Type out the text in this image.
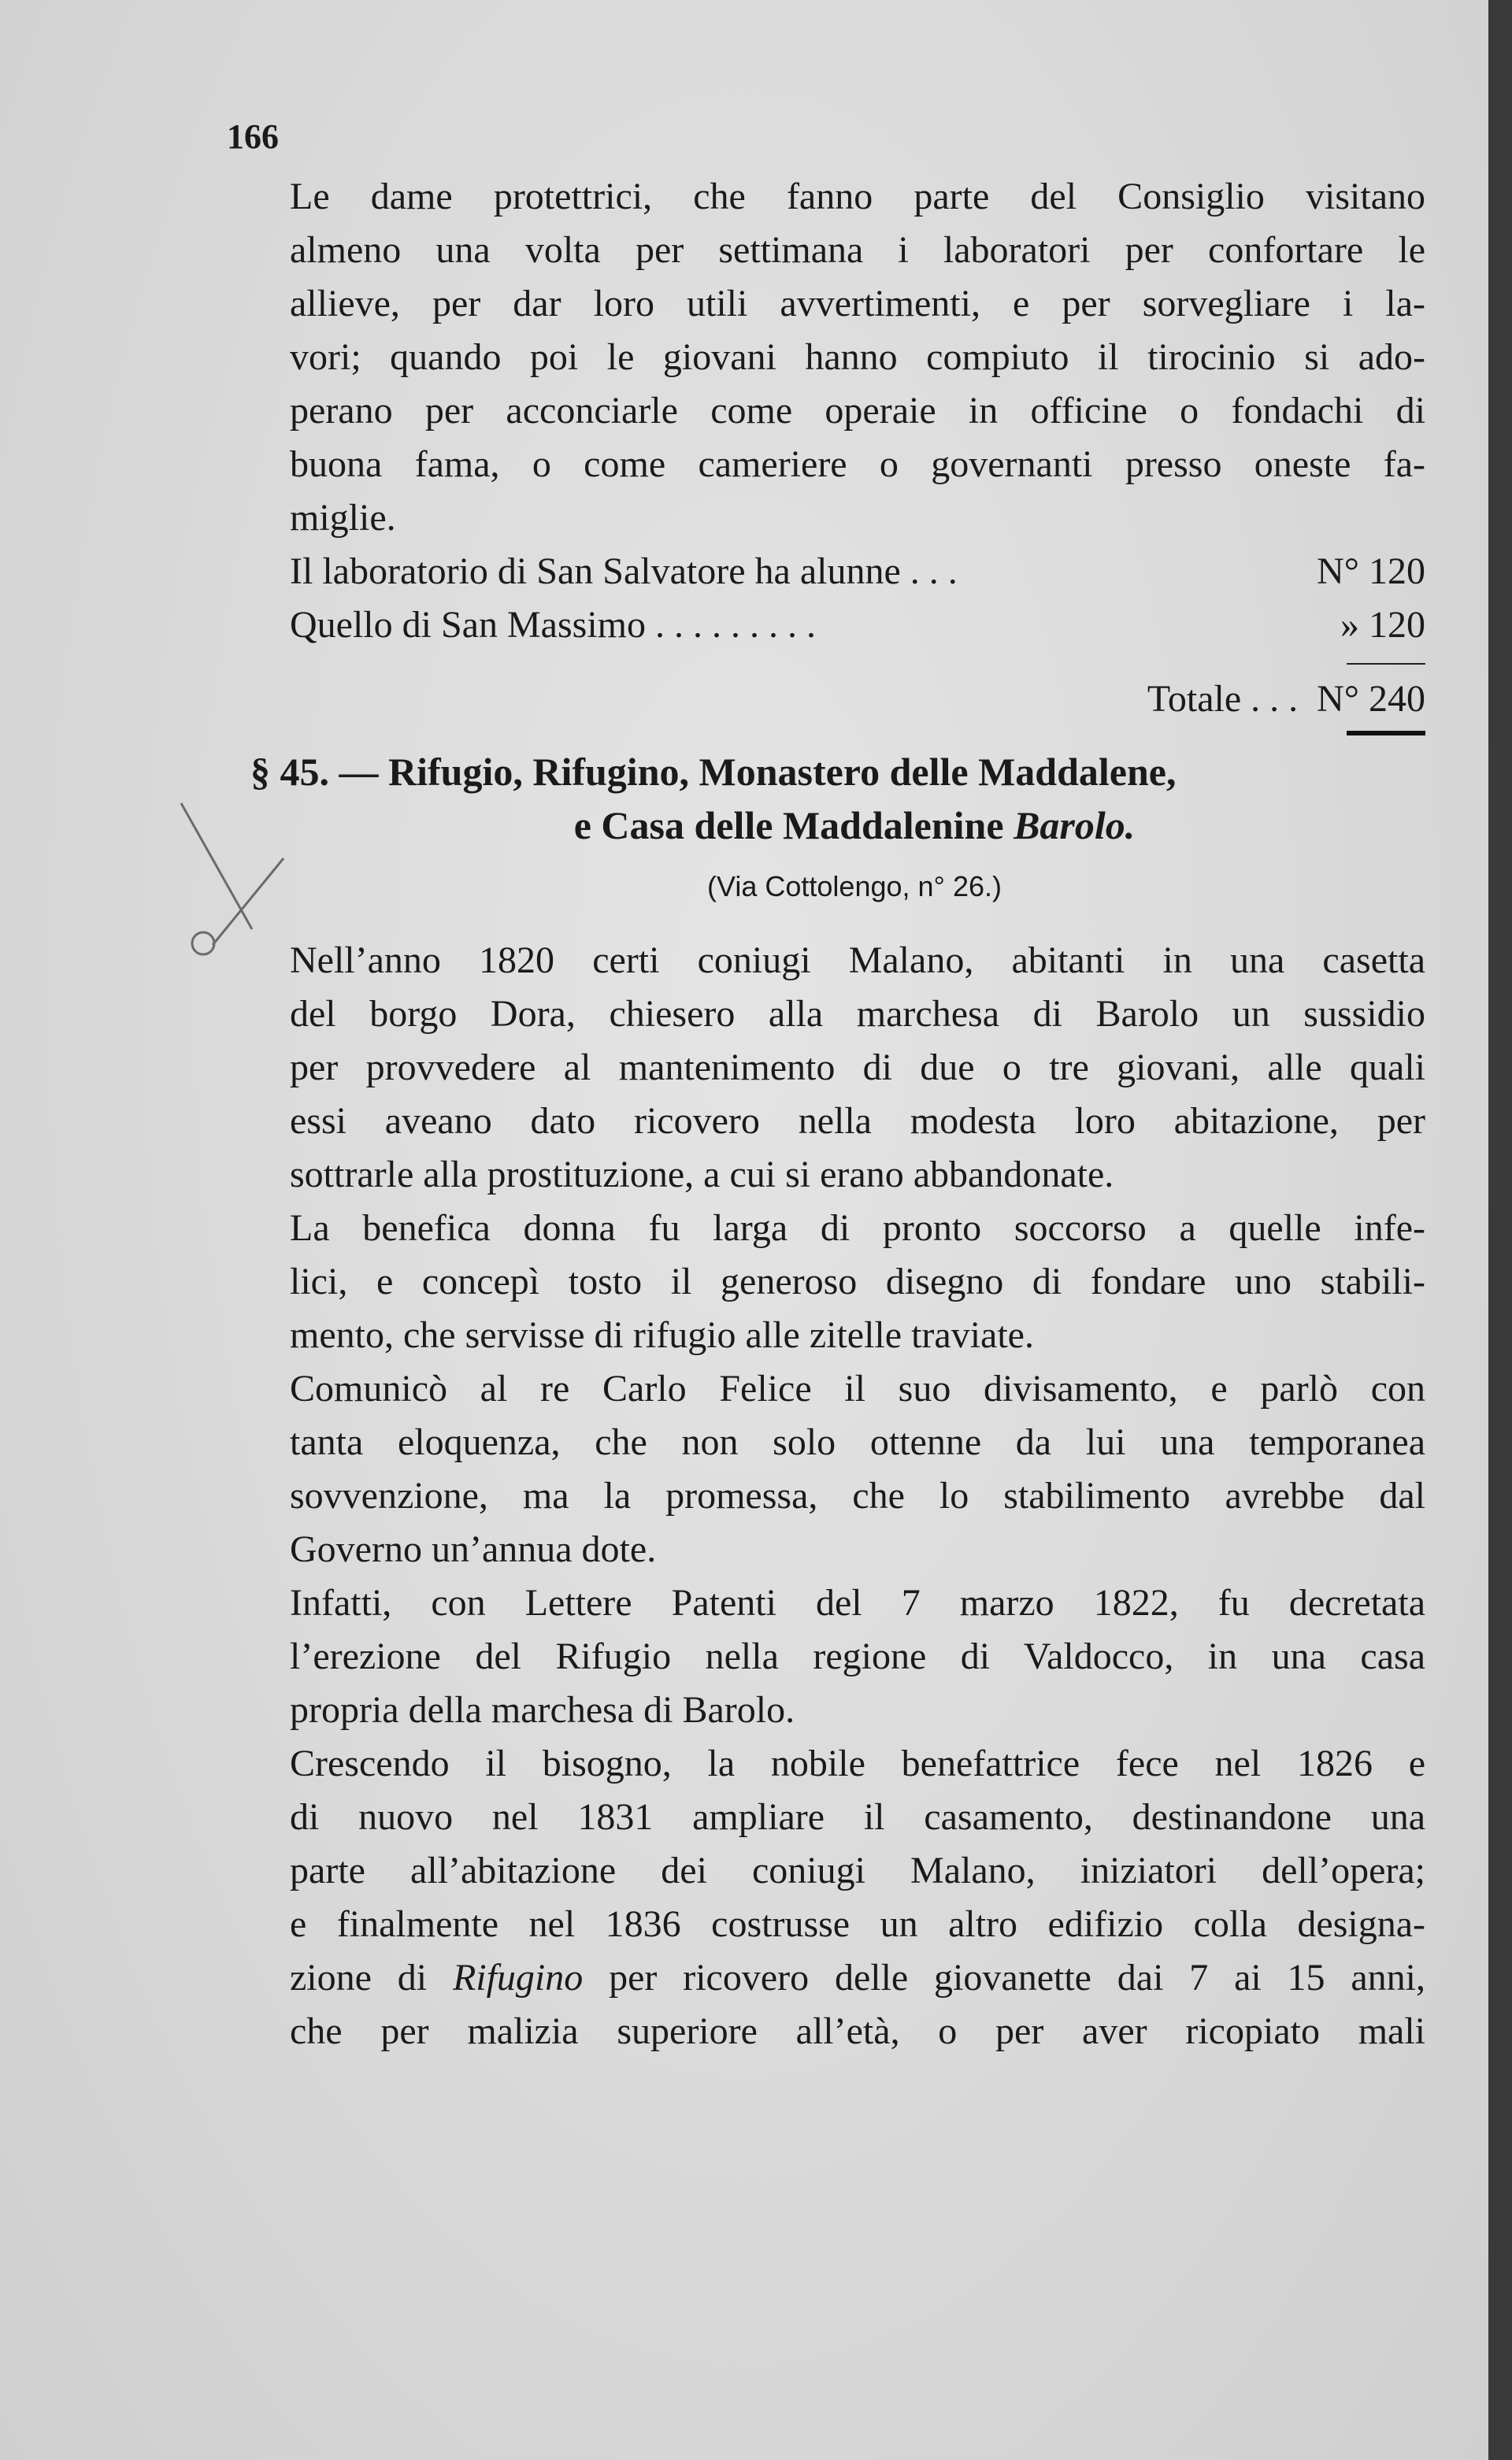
166
Le dame protettrici, che fanno parte del Consiglio visitano
almeno una volta per settimana i laboratori per confortare le
allieve, per dar loro utili avvertimenti, e per sorvegliare i la-
vori; quando poi le giovani hanno compiuto il tirocinio si ado-
perano per acconciarle come operaie in officine o fondachi di
buona fama, o come cameriere o governanti presso oneste fa-
miglie.
Il laboratorio di San Salvatore ha alunne . . .	N° 120
Quello di San Massimo . . . . . . . . .	» 120
Totale . . . N° 240
§ 45. — Rifugio, Rifugino, Monastero delle Maddalene,
e Casa delle Maddalenine Barolo.
(Via Cottolengo, n° 26.)
Nell’anno 1820 certi coniugi Malano, abitanti in una casetta
del borgo Dora, chiesero alla marchesa di Barolo un sussidio
per provvedere al mantenimento di due o tre giovani, alle quali
essi aveano dato ricovero nella modesta loro abitazione, per
sottrarle alla prostituzione, a cui si erano abbandonate.
La benefica donna fu larga di pronto soccorso a quelle infe-
lici, e concepì tosto il generoso disegno di fondare uno stabili-
mento, che servisse di rifugio alle zitelle traviate.
Comunicò al re Carlo Felice il suo divisamento, e parlò con
tanta eloquenza, che non solo ottenne da lui una temporanea
sovvenzione, ma la promessa, che lo stabilimento avrebbe dal
Governo un’annua dote.
Infatti, con Lettere Patenti del 7 marzo 1822, fu decretata
l’erezione del Rifugio nella regione di Valdocco, in una casa
propria della marchesa di Barolo.
Crescendo il bisogno, la nobile benefattrice fece nel 1826 e
di nuovo nel 1831 ampliare il casamento, destinandone una
parte all’abitazione dei coniugi Malano, iniziatori dell’opera;
e finalmente nel 1836 costrusse un altro edifizio colla designa-
zione di Rifugino per ricovero delle giovanette dai 7 ai 15 anni,
che per malizia superiore all’età, o per aver ricopiato mali
